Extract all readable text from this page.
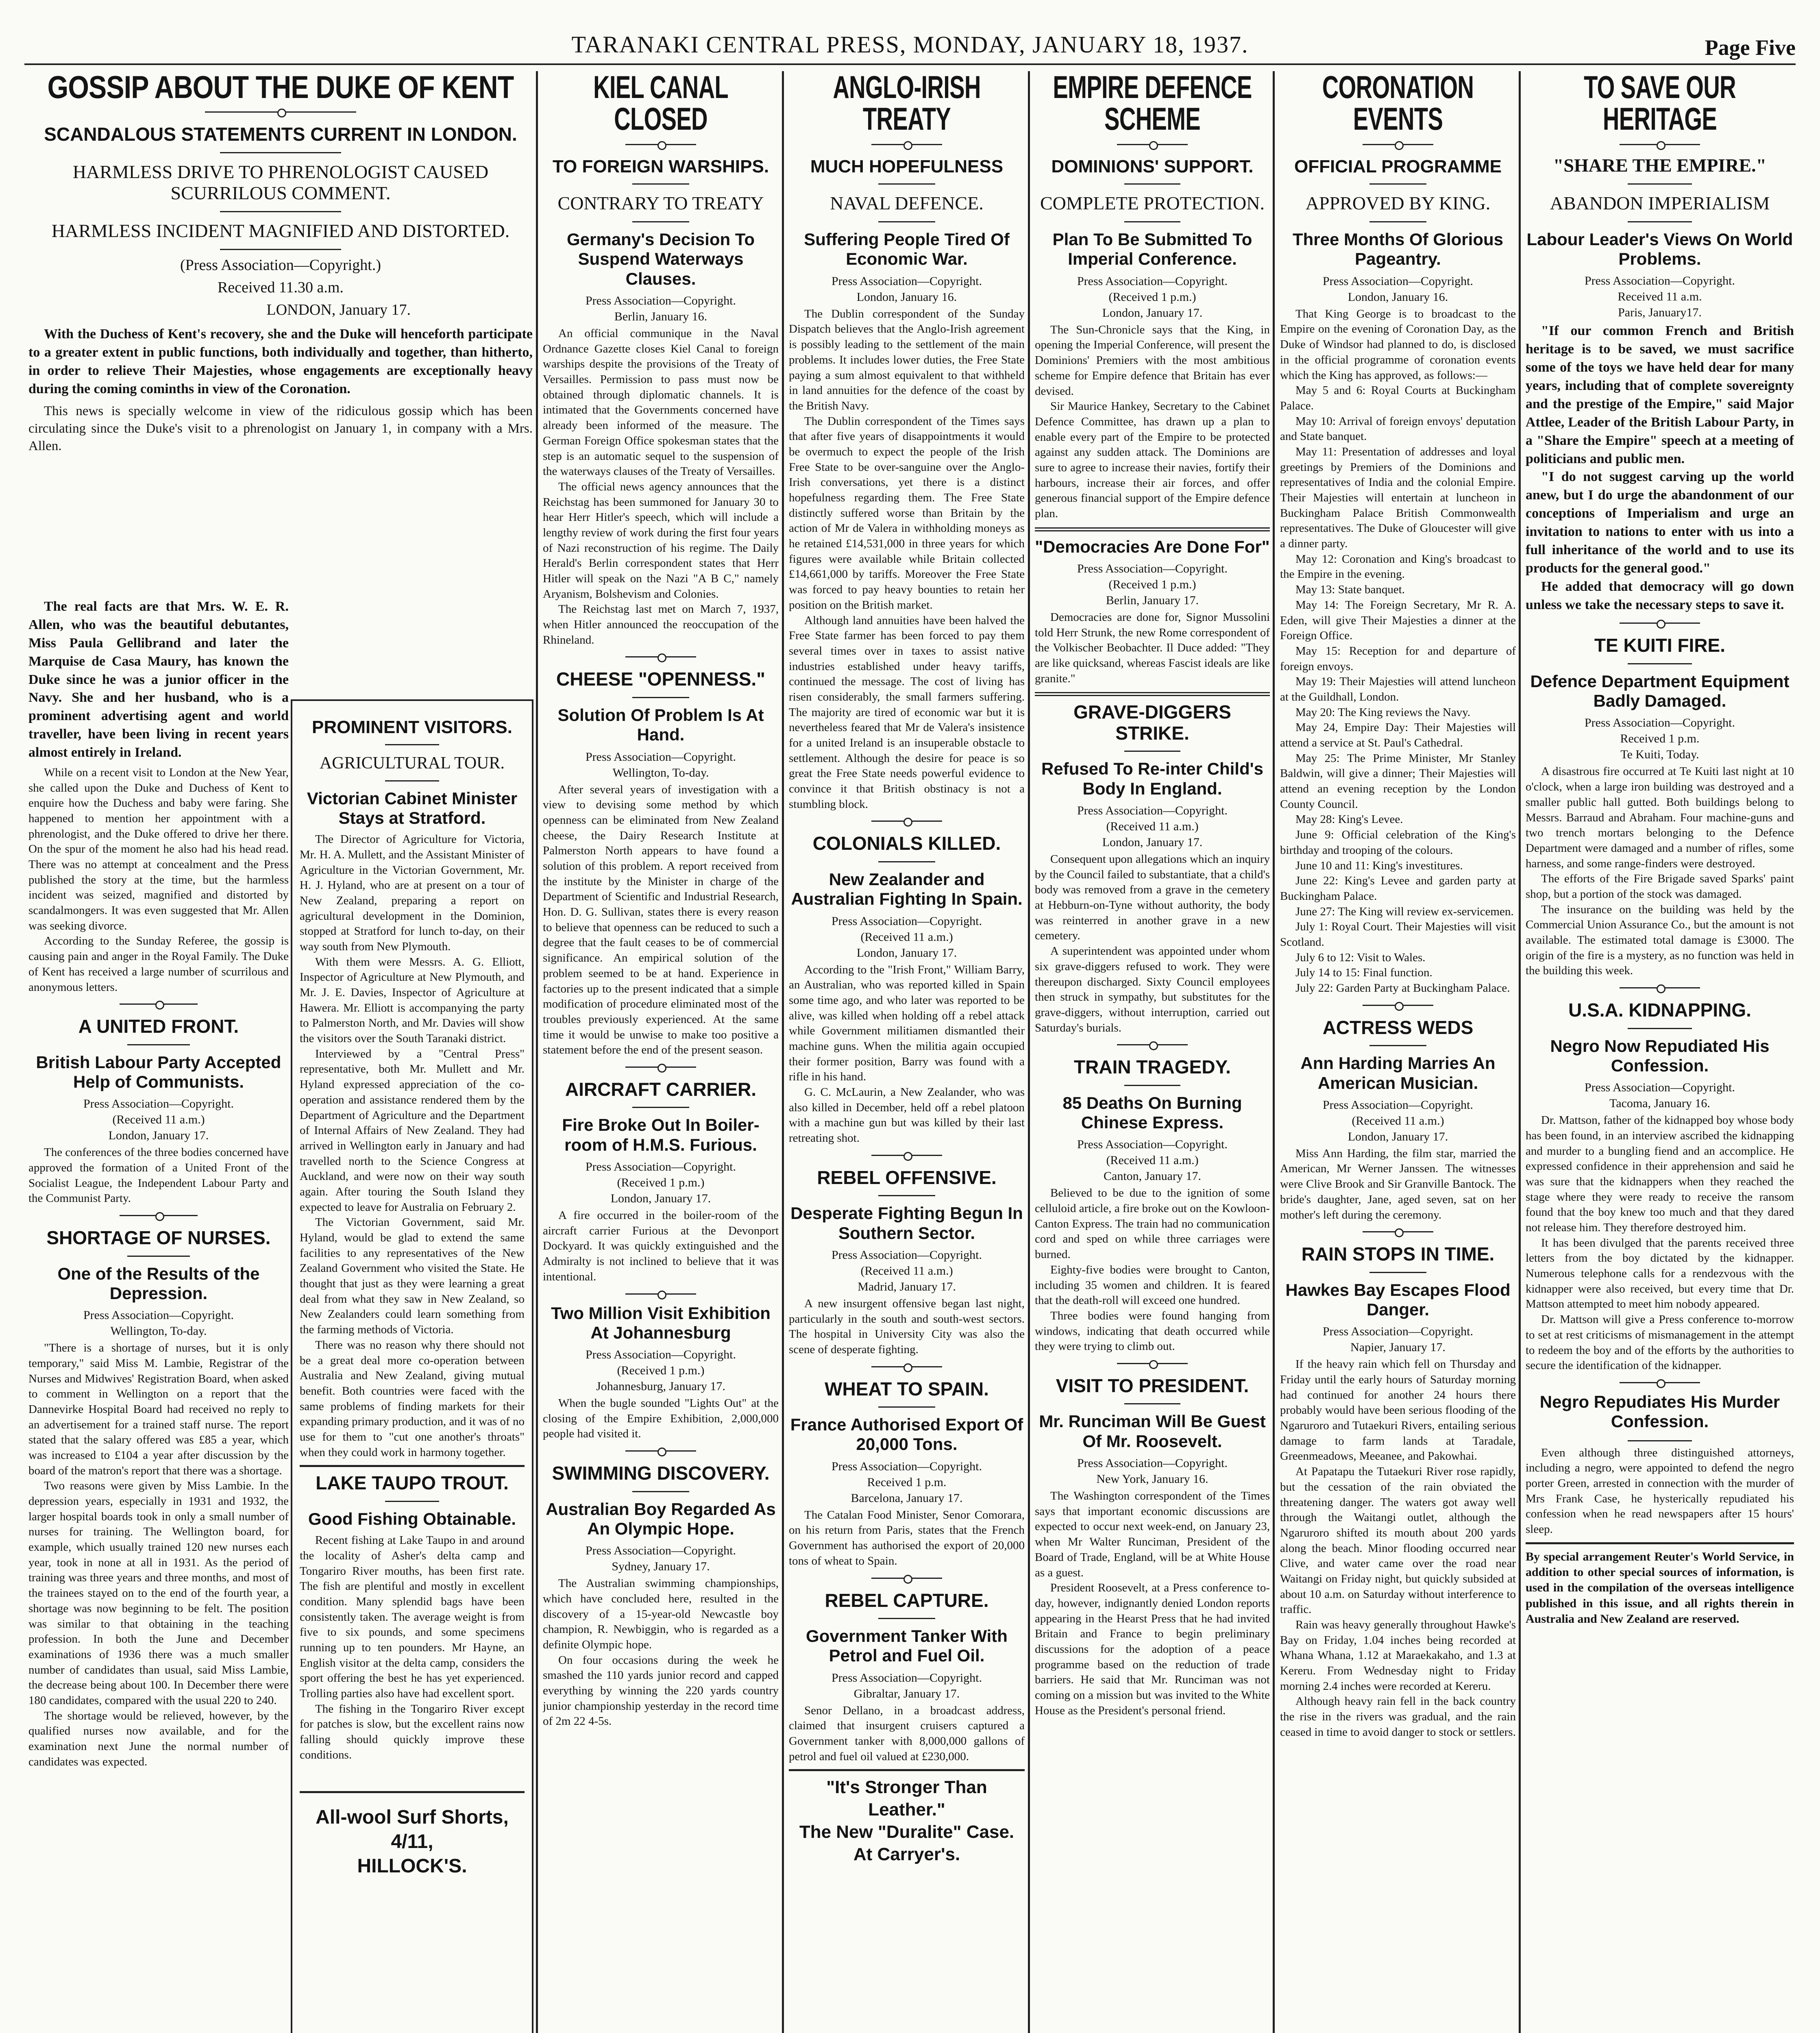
TARANAKI CENTRAL PRESS, MONDAY, JANUARY 18, 1937.	Page Five
GOSSIP ABOUT THE DUKE OF KENT
SCANDALOUS STATEMENTS CURRENT IN LONDON.
HARMLESS DRIVE TO PHRENOLOGIST CAUSED SCURRILOUS COMMENT.
HARMLESS INCIDENT MAGNIFIED AND DISTORTED.
(Press Association—Copyright.)
Received 11.30 a.m.
LONDON, January 17.

With the Duchess of Kent's recovery, she and the Duke will henceforth participate to a greater extent in public functions, both individually and together, than hitherto, in order to relieve Their Majesties, whose engagements are exceptionally heavy during the coming cominths in view of the Coronation.

This news is specially welcome in view of the ridiculous gossip which has been circulating since the Duke's visit to a phrenologist on January 1, in company with a Mrs. Allen.

The real facts are that Mrs. W. E. R. Allen, who was the beautiful debutantes, Miss Paula Gellibrand and later the Marquise de Casa Maury, has known the Duke since he was a junior officer in the Navy. She and her husband, who is a prominent advertising agent and world traveller, have been living in recent years almost entirely in Ireland.

While on a recent visit to London at the New Year, she called upon the Duke and Duchess of Kent to enquire how the Duchess and baby were faring. She happened to mention her appointment with a phrenologist, and the Duke offered to drive her there. On the spur of the moment he also had his head read. There was no attempt at concealment and the Press published the story at the time, but the harmless incident was seized, magnified and distorted by scandalmongers. It was even suggested that Mr. Allen was seeking divorce.

According to the Sunday Referee, the gossip is causing pain and anger in the Royal Family. The Duke of Kent has received a large number of scurrilous and anonymous letters.

A UNITED FRONT.
British Labour Party Accepted Help of Communists.
Press Association—Copyright.
(Received 11 a.m.)
London, January 17.

The conferences of the three bodies concerned have approved the formation of a United Front of the Socialist League, the Independent Labour Party and the Communist Party.

SHORTAGE OF NURSES.
One of the Results of the Depression.
Press Association—Copyright.
Wellington, To-day.

"There is a shortage of nurses, but it is only temporary," said Miss M. Lambie, Registrar of the Nurses and Midwives' Registration Board, when asked to comment in Wellington on a report that the Dannevirke Hospital Board had received no reply to an advertisement for a trained staff nurse. The report stated that the salary offered was £85 a year, which was increased to £104 a year after discussion by the board of the matron's report that there was a shortage.

Two reasons were given by Miss Lambie. In the depression years, especially in 1931 and 1932, the larger hospital boards took in only a small number of nurses for training. The Wellington board, for example, which usually trained 120 new nurses each year, took in none at all in 1931. As the period of training was three years and three months, and most of the trainees stayed on to the end of the fourth year, a shortage was now beginning to be felt. The position was similar to that obtaining in the teaching profession. In both the June and December examinations of 1936 there was a much smaller number of candidates than usual, said Miss Lambie, the decrease being about 100. In December there were 180 candidates, compared with the usual 220 to 240.

The shortage would be relieved, however, by the qualified nurses now available, and for the examination next June the normal number of candidates was expected.

PROMINENT VISITORS.
AGRICULTURAL TOUR.
Victorian Cabinet Minister Stays at Stratford.

The Director of Agriculture for Victoria, Mr. H. A. Mullett, and the Assistant Minister of Agriculture in the Victorian Government, Mr. H. J. Hyland, who are at present on a tour of New Zealand, preparing a report on agricultural development in the Dominion, stopped at Stratford for lunch to-day, on their way south from New Plymouth.

With them were Messrs. A. G. Elliott, Inspector of Agriculture at New Plymouth, and Mr. J. E. Davies, Inspector of Agriculture at Hawera. Mr. Elliott is accompanying the party to Palmerston North, and Mr. Davies will show the visitors over the South Taranaki district.

Interviewed by a "Central Press" representative, both Mr. Mullett and Mr. Hyland expressed appreciation of the co-operation and assistance rendered them by the Department of Agriculture and the Department of Internal Affairs of New Zealand. They had arrived in Wellington early in January and had travelled north to the Science Congress at Auckland, and were now on their way south again. After touring the South Island they expected to leave for Australia on February 2.

The Victorian Government, said Mr. Hyland, would be glad to extend the same facilities to any representatives of the New Zealand Government who visited the State. He thought that just as they were learning a great deal from what they saw in New Zealand, so New Zealanders could learn something from the farming methods of Victoria.

There was no reason why there should not be a great deal more co-operation between Australia and New Zealand, giving mutual benefit. Both countries were faced with the same problems of finding markets for their expanding primary production, and it was of no use for them to "cut one another's throats" when they could work in harmony together.

LAKE TAUPO TROUT.
Good Fishing Obtainable.

Recent fishing at Lake Taupo in and around the locality of Asher's delta camp and Tongariro River mouths, has been first rate. The fish are plentiful and mostly in excellent condition. Many splendid bags have been consistently taken. The average weight is from five to six pounds, and some specimens running up to ten pounders. Mr Hayne, an English visitor at the delta camp, considers the sport offering the best he has yet experienced. Trolling parties also have had excellent sport.

The fishing in the Tongariro River except for patches is slow, but the excellent rains now falling should quickly improve these conditions.

All-wool Surf Shorts, 4/11,
HILLOCK'S.
KIEL CANAL CLOSED
TO FOREIGN WARSHIPS.
CONTRARY TO TREATY
Germany's Decision To Suspend Waterways Clauses.
Press Association—Copyright.
Berlin, January 16.

An official communique in the Naval Ordnance Gazette closes Kiel Canal to foreign warships despite the provisions of the Treaty of Versailles. Permission to pass must now be obtained through diplomatic channels. It is intimated that the Governments concerned have already been informed of the measure. The German Foreign Office spokesman states that the step is an automatic sequel to the suspension of the waterways clauses of the Treaty of Versailles.

The official news agency announces that the Reichstag has been summoned for January 30 to hear Herr Hitler's speech, which will include a lengthy review of work during the first four years of Nazi reconstruction of his regime. The Daily Herald's Berlin correspondent states that Herr Hitler will speak on the Nazi "A B C," namely Aryanism, Bolshevism and Colonies.

The Reichstag last met on March 7, 1937, when Hitler announced the reoccupation of the Rhineland.

CHEESE "OPENNESS."
Solution Of Problem Is At Hand.
Press Association—Copyright.
Wellington, To-day.

After several years of investigation with a view to devising some method by which openness can be eliminated from New Zealand cheese, the Dairy Research Institute at Palmerston North appears to have found a solution of this problem. A report received from the institute by the Minister in charge of the Department of Scientific and Industrial Research, Hon. D. G. Sullivan, states there is every reason to believe that openness can be reduced to such a degree that the fault ceases to be of commercial significance. An empirical solution of the problem seemed to be at hand. Experience in factories up to the present indicated that a simple modification of procedure eliminated most of the troubles previously experienced. At the same time it would be unwise to make too positive a statement before the end of the present season.

AIRCRAFT CARRIER.
Fire Broke Out In Boiler-room of H.M.S. Furious.
Press Association—Copyright.
(Received 1 p.m.)
London, January 17.

A fire occurred in the boiler-room of the aircraft carrier Furious at the Devonport Dockyard. It was quickly extinguished and the Admiralty is not inclined to believe that it was intentional.

Two Million Visit Exhibition At Johannesburg
Press Association—Copyright.
(Received 1 p.m.)
Johannesburg, January 17.

When the bugle sounded "Lights Out" at the closing of the Empire Exhibition, 2,000,000 people had visited it.

SWIMMING DISCOVERY.
Australian Boy Regarded As An Olympic Hope.
Press Association—Copyright.
Sydney, January 17.

The Australian swimming championships, which have concluded here, resulted in the discovery of a 15-year-old Newcastle boy champion, R. Newbiggin, who is regarded as a definite Olympic hope.

On four occasions during the week he smashed the 110 yards junior record and capped everything by winning the 220 yards country junior championship yesterday in the record time of 2m 22 4-5s.

ANGLO-IRISH TREATY
MUCH HOPEFULNESS
NAVAL DEFENCE.
Suffering People Tired Of Economic War.
Press Association—Copyright.
London, January 16.

The Dublin correspondent of the Sunday Dispatch believes that the Anglo-Irish agreement is possibly leading to the settlement of the main problems. It includes lower duties, the Free State paying a sum almost equivalent to that withheld in land annuities for the defence of the coast by the British Navy.

The Dublin correspondent of the Times says that after five years of disappointments it would be overmuch to expect the people of the Irish Free State to be over-sanguine over the Anglo-Irish conversations, yet there is a distinct hopefulness regarding them. The Free State distinctly suffered worse than Britain by the action of Mr de Valera in withholding moneys as he retained £14,531,000 in three years for which figures were available while Britain collected £14,661,000 by tariffs. Moreover the Free State was forced to pay heavy bounties to retain her position on the British market.

Although land annuities have been halved the Free State farmer has been forced to pay them several times over in taxes to assist native industries established under heavy tariffs, continued the message. The cost of living has risen considerably, the small farmers suffering. The majority are tired of economic war but it is nevertheless feared that Mr de Valera's insistence for a united Ireland is an insuperable obstacle to settlement. Although the desire for peace is so great the Free State needs powerful evidence to convince it that British obstinacy is not a stumbling block.

COLONIALS KILLED.
New Zealander and Australian Fighting In Spain.
Press Association—Copyright.
(Received 11 a.m.)
London, January 17.

According to the "Irish Front," William Barry, an Australian, who was reported killed in Spain some time ago, and who later was reported to be alive, was killed when holding off a rebel attack while Government militiamen dismantled their machine guns. When the militia again occupied their former position, Barry was found with a rifle in his hand.

G. C. McLaurin, a New Zealander, who was also killed in December, held off a rebel platoon with a machine gun but was killed by their last retreating shot.

REBEL OFFENSIVE.
Desperate Fighting Begun In Southern Sector.
Press Association—Copyright.
(Received 11 a.m.)
Madrid, January 17.

A new insurgent offensive began last night, particularly in the south and south-west sectors. The hospital in University City was also the scene of desperate fighting.

WHEAT TO SPAIN.
France Authorised Export Of 20,000 Tons.
Press Association—Copyright.
Received 1 p.m.
Barcelona, January 17.

The Catalan Food Minister, Senor Comorara, on his return from Paris, states that the French Government has authorised the export of 20,000 tons of wheat to Spain.

REBEL CAPTURE.
Government Tanker With Petrol and Fuel Oil.
Press Association—Copyright.
Gibraltar, January 17.

Senor Dellano, in a broadcast address, claimed that insurgent cruisers captured a Government tanker with 8,000,000 gallons of petrol and fuel oil valued at £230,000.

"It's Stronger Than Leather."
The New "Duralite" Case.
At Carryer's.
EMPIRE DEFENCE SCHEME
DOMINIONS' SUPPORT.
COMPLETE PROTECTION.
Plan To Be Submitted To Imperial Conference.
Press Association—Copyright.
(Received 1 p.m.)
London, January 17.

The Sun-Chronicle says that the King, in opening the Imperial Conference, will present the Dominions' Premiers with the most ambitious scheme for Empire defence that Britain has ever devised.

Sir Maurice Hankey, Secretary to the Cabinet Defence Committee, has drawn up a plan to enable every part of the Empire to be protected against any sudden attack. The Dominions are sure to agree to increase their navies, fortify their harbours, increase their air forces, and offer generous financial support of the Empire defence plan.

"Democracies Are Done For"
Press Association—Copyright.
(Received 1 p.m.)
Berlin, January 17.

Democracies are done for, Signor Mussolini told Herr Strunk, the new Rome correspondent of the Volkischer Beobachter. Il Duce added: "They are like quicksand, whereas Fascist ideals are like granite."

GRAVE-DIGGERS STRIKE.
Refused To Re-inter Child's Body In England.
Press Association—Copyright.
(Received 11 a.m.)
London, January 17.

Consequent upon allegations which an inquiry by the Council failed to substantiate, that a child's body was removed from a grave in the cemetery at Hebburn-on-Tyne without authority, the body was reinterred in another grave in a new cemetery.

A superintendent was appointed under whom six grave-diggers refused to work. They were thereupon discharged. Sixty Council employees then struck in sympathy, but substitutes for the grave-diggers, without interruption, carried out Saturday's burials.

TRAIN TRAGEDY.
85 Deaths On Burning Chinese Express.
Press Association—Copyright.
(Received 11 a.m.)
Canton, January 17.

Believed to be due to the ignition of some celluloid article, a fire broke out on the Kowloon-Canton Express. The train had no communication cord and sped on while three carriages were burned.

Eighty-five bodies were brought to Canton, including 35 women and children. It is feared that the death-roll will exceed one hundred.

Three bodies were found hanging from windows, indicating that death occurred while they were trying to climb out.

VISIT TO PRESIDENT.
Mr. Runciman Will Be Guest Of Mr. Roosevelt.
Press Association—Copyright.
New York, January 16.

The Washington correspondent of the Times says that important economic discussions are expected to occur next week-end, on January 23, when Mr Walter Runciman, President of the Board of Trade, England, will be at White House as a guest.

President Roosevelt, at a Press conference to-day, however, indignantly denied London reports appearing in the Hearst Press that he had invited Britain and France to begin preliminary discussions for the adoption of a peace programme based on the reduction of trade barriers. He said that Mr. Runciman was not coming on a mission but was invited to the White House as the President's personal friend.

CORONATION EVENTS
OFFICIAL PROGRAMME
APPROVED BY KING.
Three Months Of Glorious Pageantry.
Press Association—Copyright.
London, January 16.

That King George is to broadcast to the Empire on the evening of Coronation Day, as the Duke of Windsor had planned to do, is disclosed in the official programme of coronation events which the King has approved, as follows:—

May 5 and 6: Royal Courts at Buckingham Palace.

May 10: Arrival of foreign envoys' deputation and State banquet.

May 11: Presentation of addresses and loyal greetings by Premiers of the Dominions and representatives of India and the colonial Empire. Their Majesties will entertain at luncheon in Buckingham Palace British Commonwealth representatives. The Duke of Gloucester will give a dinner party.

May 12: Coronation and King's broadcast to the Empire in the evening.

May 13: State banquet.

May 14: The Foreign Secretary, Mr R. A. Eden, will give Their Majesties a dinner at the Foreign Office.

May 15: Reception for and departure of foreign envoys.

May 19: Their Majesties will attend luncheon at the Guildhall, London.

May 20: The King reviews the Navy.

May 24, Empire Day: Their Majesties will attend a service at St. Paul's Cathedral.

May 25: The Prime Minister, Mr Stanley Baldwin, will give a dinner; Their Majesties will attend an evening reception by the London County Council.

May 28: King's Levee.

June 9: Official celebration of the King's birthday and trooping of the colours.

June 10 and 11: King's investitures.

June 22: King's Levee and garden party at Buckingham Palace.

June 27: The King will review ex-servicemen.

July 1: Royal Court. Their Majesties will visit Scotland.

July 6 to 12: Visit to Wales.

July 14 to 15: Final function.

July 22: Garden Party at Buckingham Palace.

ACTRESS WEDS
Ann Harding Marries An American Musician.
Press Association—Copyright.
(Received 11 a.m.)
London, January 17.

Miss Ann Harding, the film star, married the American, Mr Werner Janssen. The witnesses were Clive Brook and Sir Granville Bantock. The bride's daughter, Jane, aged seven, sat on her mother's left during the ceremony.

RAIN STOPS IN TIME.
Hawkes Bay Escapes Flood Danger.
Press Association—Copyright.
Napier, January 17.

If the heavy rain which fell on Thursday and Friday until the early hours of Saturday morning had continued for another 24 hours there probably would have been serious flooding of the Ngaruroro and Tutaekuri Rivers, entailing serious damage to farm lands at Taradale, Greenmeadows, Meeanee, and Pakowhai.

At Papatapu the Tutaekuri River rose rapidly, but the cessation of the rain obviated the threatening danger. The waters got away well through the Waitangi outlet, although the Ngaruroro shifted its mouth about 200 yards along the beach. Minor flooding occurred near Clive, and water came over the road near Waitangi on Friday night, but quickly subsided at about 10 a.m. on Saturday without interference to traffic.

Rain was heavy generally throughout Hawke's Bay on Friday, 1.04 inches being recorded at Whana Whana, 1.12 at Maraekakaho, and 1.3 at Kereru. From Wednesday night to Friday morning 2.4 inches were recorded at Kereru.

Although heavy rain fell in the back country the rise in the rivers was gradual, and the rain ceased in time to avoid danger to stock or settlers.

TO SAVE OUR HERITAGE
"SHARE THE EMPIRE."
ABANDON IMPERIALISM
Labour Leader's Views On World Problems.
Press Association—Copyright.
Received 11 a.m.
Paris, January17.

"If our common French and British heritage is to be saved, we must sacrifice some of the toys we have held dear for many years, including that of complete sovereignty and the prestige of the Empire," said Major Attlee, Leader of the British Labour Party, in a "Share the Empire" speech at a meeting of politicians and public men.

"I do not suggest carving up the world anew, but I do urge the abandonment of our conceptions of Imperialism and urge an invitation to nations to enter with us into a full inheritance of the world and to use its products for the general good."

He added that democracy will go down unless we take the necessary steps to save it.

TE KUITI FIRE.
Defence Department Equipment Badly Damaged.
Press Association—Copyright.
Received 1 p.m.
Te Kuiti, Today.

A disastrous fire occurred at Te Kuiti last night at 10 o'clock, when a large iron building was destroyed and a smaller public hall gutted. Both buildings belong to Messrs. Barraud and Abraham. Four machine-guns and two trench mortars belonging to the Defence Department were damaged and a number of rifles, some harness, and some range-finders were destroyed.

The efforts of the Fire Brigade saved Sparks' paint shop, but a portion of the stock was damaged.

The insurance on the building was held by the Commercial Union Assurance Co., but the amount is not available. The estimated total damage is £3000. The origin of the fire is a mystery, as no function was held in the building this week.

U.S.A. KIDNAPPING.
Negro Now Repudiated His Confession.
Press Association—Copyright.
Tacoma, January 16.

Dr. Mattson, father of the kidnapped boy whose body has been found, in an interview ascribed the kidnapping and murder to a bungling fiend and an accomplice. He expressed confidence in their apprehension and said he was sure that the kidnappers when they reached the stage where they were ready to receive the ransom found that the boy knew too much and that they dared not release him. They therefore destroyed him.

It has been divulged that the parents received three letters from the boy dictated by the kidnapper. Numerous telephone calls for a rendezvous with the kidnapper were also received, but every time that Dr. Mattson attempted to meet him nobody appeared.

Dr. Mattson will give a Press conference to-morrow to set at rest criticisms of mismanagement in the attempt to redeem the boy and of the efforts by the authorities to secure the identification of the kidnapper.

Negro Repudiates His Murder Confession.

Even although three distinguished attorneys, including a negro, were appointed to defend the negro porter Green, arrested in connection with the murder of Mrs Frank Case, he hysterically repudiated his confession when he read newspapers after 15 hours' sleep.

By special arrangement Reuter's World Service, in addition to other special sources of information, is used in the compilation of the overseas intelligence published in this issue, and all rights therein in Australia and New Zealand are reserved.
